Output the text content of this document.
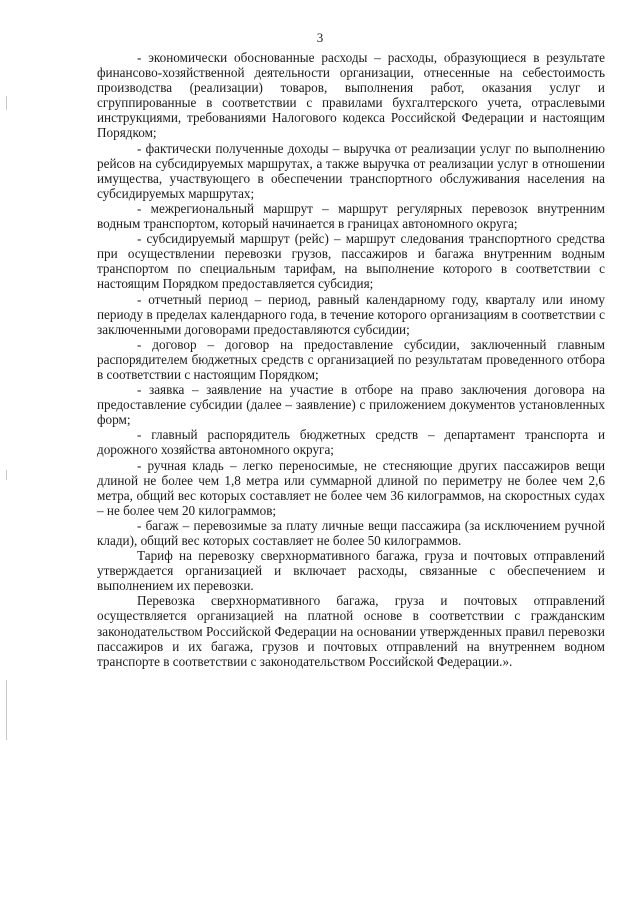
3

- экономически обоснованные расходы – расходы, образующиеся в результате финансово-хозяйственной деятельности организации, отнесенные на себестоимость производства (реализации) товаров, выполнения работ, оказания услуг и сгруппированные в соответствии с правилами бухгалтерского учета, отраслевыми инструкциями, требованиями Налогового кодекса Российской Федерации и настоящим Порядком;

- фактически полученные доходы – выручка от реализации услуг по выполнению рейсов на субсидируемых маршрутах, а также выручка от реализации услуг в отношении имущества, участвующего в обеспечении транспортного обслуживания населения на субсидируемых маршрутах;

- межрегиональный маршрут – маршрут регулярных перевозок внутренним водным транспортом, который начинается в границах автономного округа;

- субсидируемый маршрут (рейс) – маршрут следования транспортного средства при осуществлении перевозки грузов, пассажиров и багажа внутренним водным транспортом по специальным тарифам, на выполнение которого в соответствии с настоящим Порядком предоставляется субсидия;

- отчетный период – период, равный календарному году, кварталу или иному периоду в пределах календарного года, в течение которого организациям в соответствии с заключенными договорами предоставляются субсидии;

- договор – договор на предоставление субсидии, заключенный главным распорядителем бюджетных средств с организацией по результатам проведенного отбора в соответствии с настоящим Порядком;

- заявка – заявление на участие в отборе на право заключения договора на предоставление субсидии (далее – заявление) с приложением документов установленных форм;

- главный распорядитель бюджетных средств – департамент транспорта и дорожного хозяйства автономного округа;

- ручная кладь – легко переносимые, не стесняющие других пассажиров вещи длиной не более чем 1,8 метра или суммарной длиной по периметру не более чем 2,6 метра, общий вес которых составляет не более чем 36 килограммов, на скоростных судах – не более чем 20 килограммов;

- багаж – перевозимые за плату личные вещи пассажира (за исключением ручной клади), общий вес которых составляет не более 50 килограммов.

Тариф на перевозку сверхнормативного багажа, груза и почтовых отправлений утверждается организацией и включает расходы, связанные с обеспечением и выполнением их перевозки.

Перевозка сверхнормативного багажа, груза и почтовых отправлений осуществляется организацией на платной основе в соответствии с гражданским законодательством Российской Федерации на основании утвержденных правил перевозки пассажиров и их багажа, грузов и почтовых отправлений на внутреннем водном транспорте в соответствии с законодательством Российской Федерации.».
